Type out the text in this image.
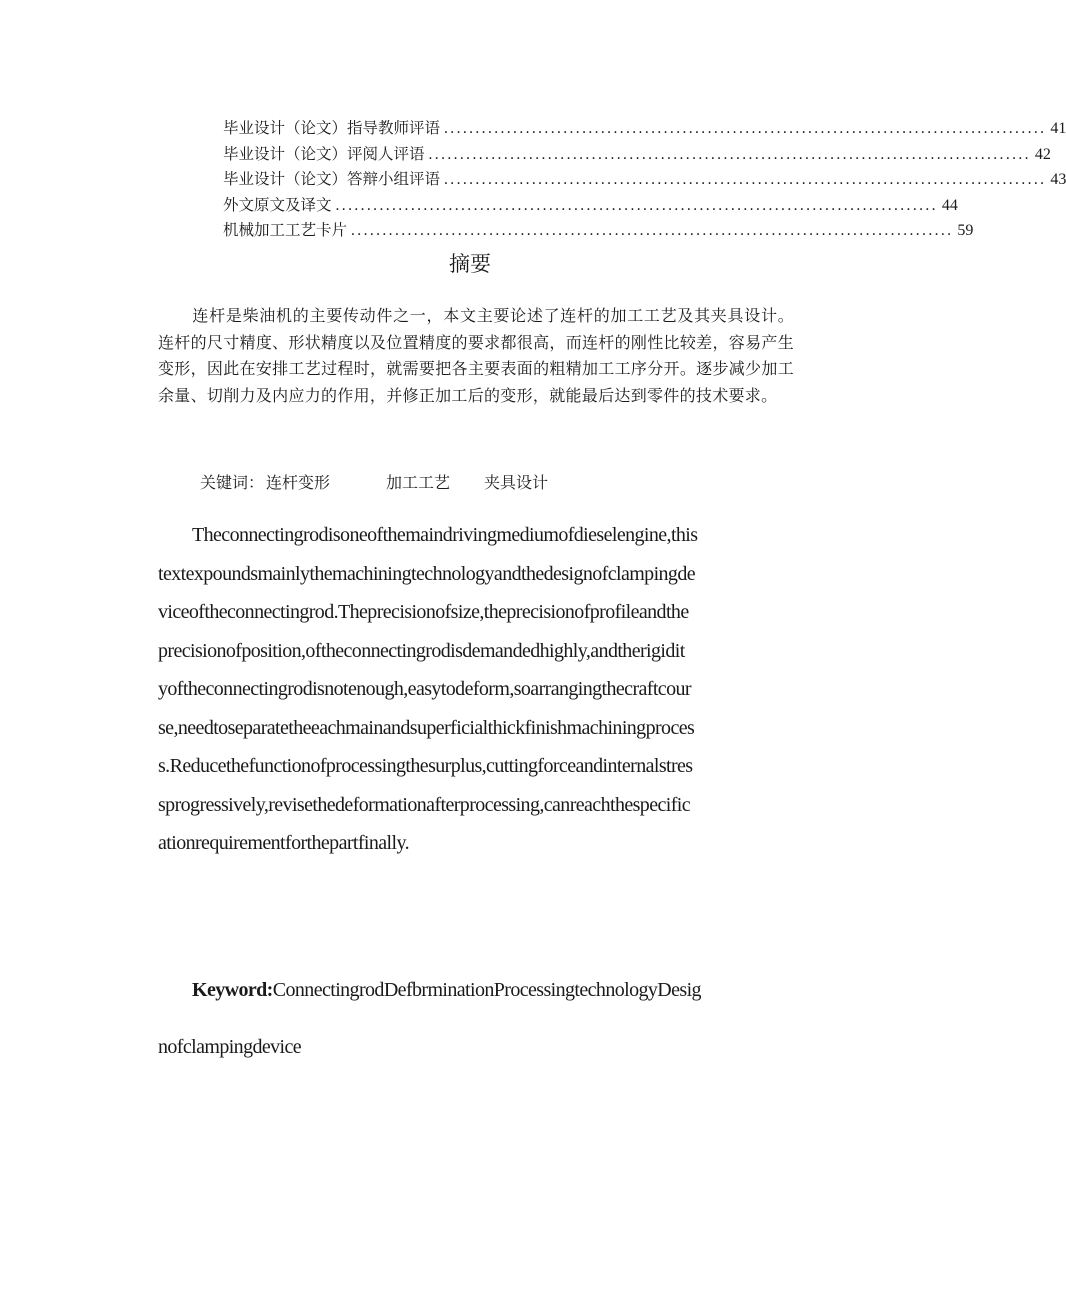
毕业设计（论文）指导教师评语 ................................................................................................ 41
毕业设计（论文）评阅人评语 ................................................................................................ 42
毕业设计（论文）答辩小组评语 ................................................................................................ 43
外文原文及译文 ................................................................................................ 44
机械加工工艺卡片 ................................................................................................ 59
摘要

连杆是柴油机的主要传动件之一，本文主要论述了连杆的加工工艺及其夹具设计。连杆的尺寸精度、形状精度以及位置精度的要求都很高，而连杆的刚性比较差，容易产生变形，因此在安排工艺过程时，就需要把各主要表面的粗精加工工序分开。逐步减少加工余量、切削力及内应力的作用，并修正加工后的变形，就能最后达到零件的技术要求。

关键词： 连杆变形	加工工艺 夹具设计
Theconnectingrodisoneofthemaindrivingmediumofdieselengine,this
textexpoundsmainlythemachiningtechnologyandthedesignofclampingde
viceoftheconnectingrod.Theprecisionofsize,theprecisionofprofileandthe
precisionofposition,oftheconnectingrodisdemandedhighly,andtherigidit
yoftheconnectingrodisnotenough,easytodeform,soarrangingthecraftcour
se,needtoseparatetheeachmainandsuperficialthickfinishmachiningproces
s.Reducethefunctionofprocessingthesurplus,cuttingforceandinternalstres
sprogressively,revisethedeformationafterprocessing,canreachthespecific
ationrequirementforthepartfinally.
Keyword:ConnectingrodDefbrminationProcessingtechnologyDesig
nofclampingdevice
